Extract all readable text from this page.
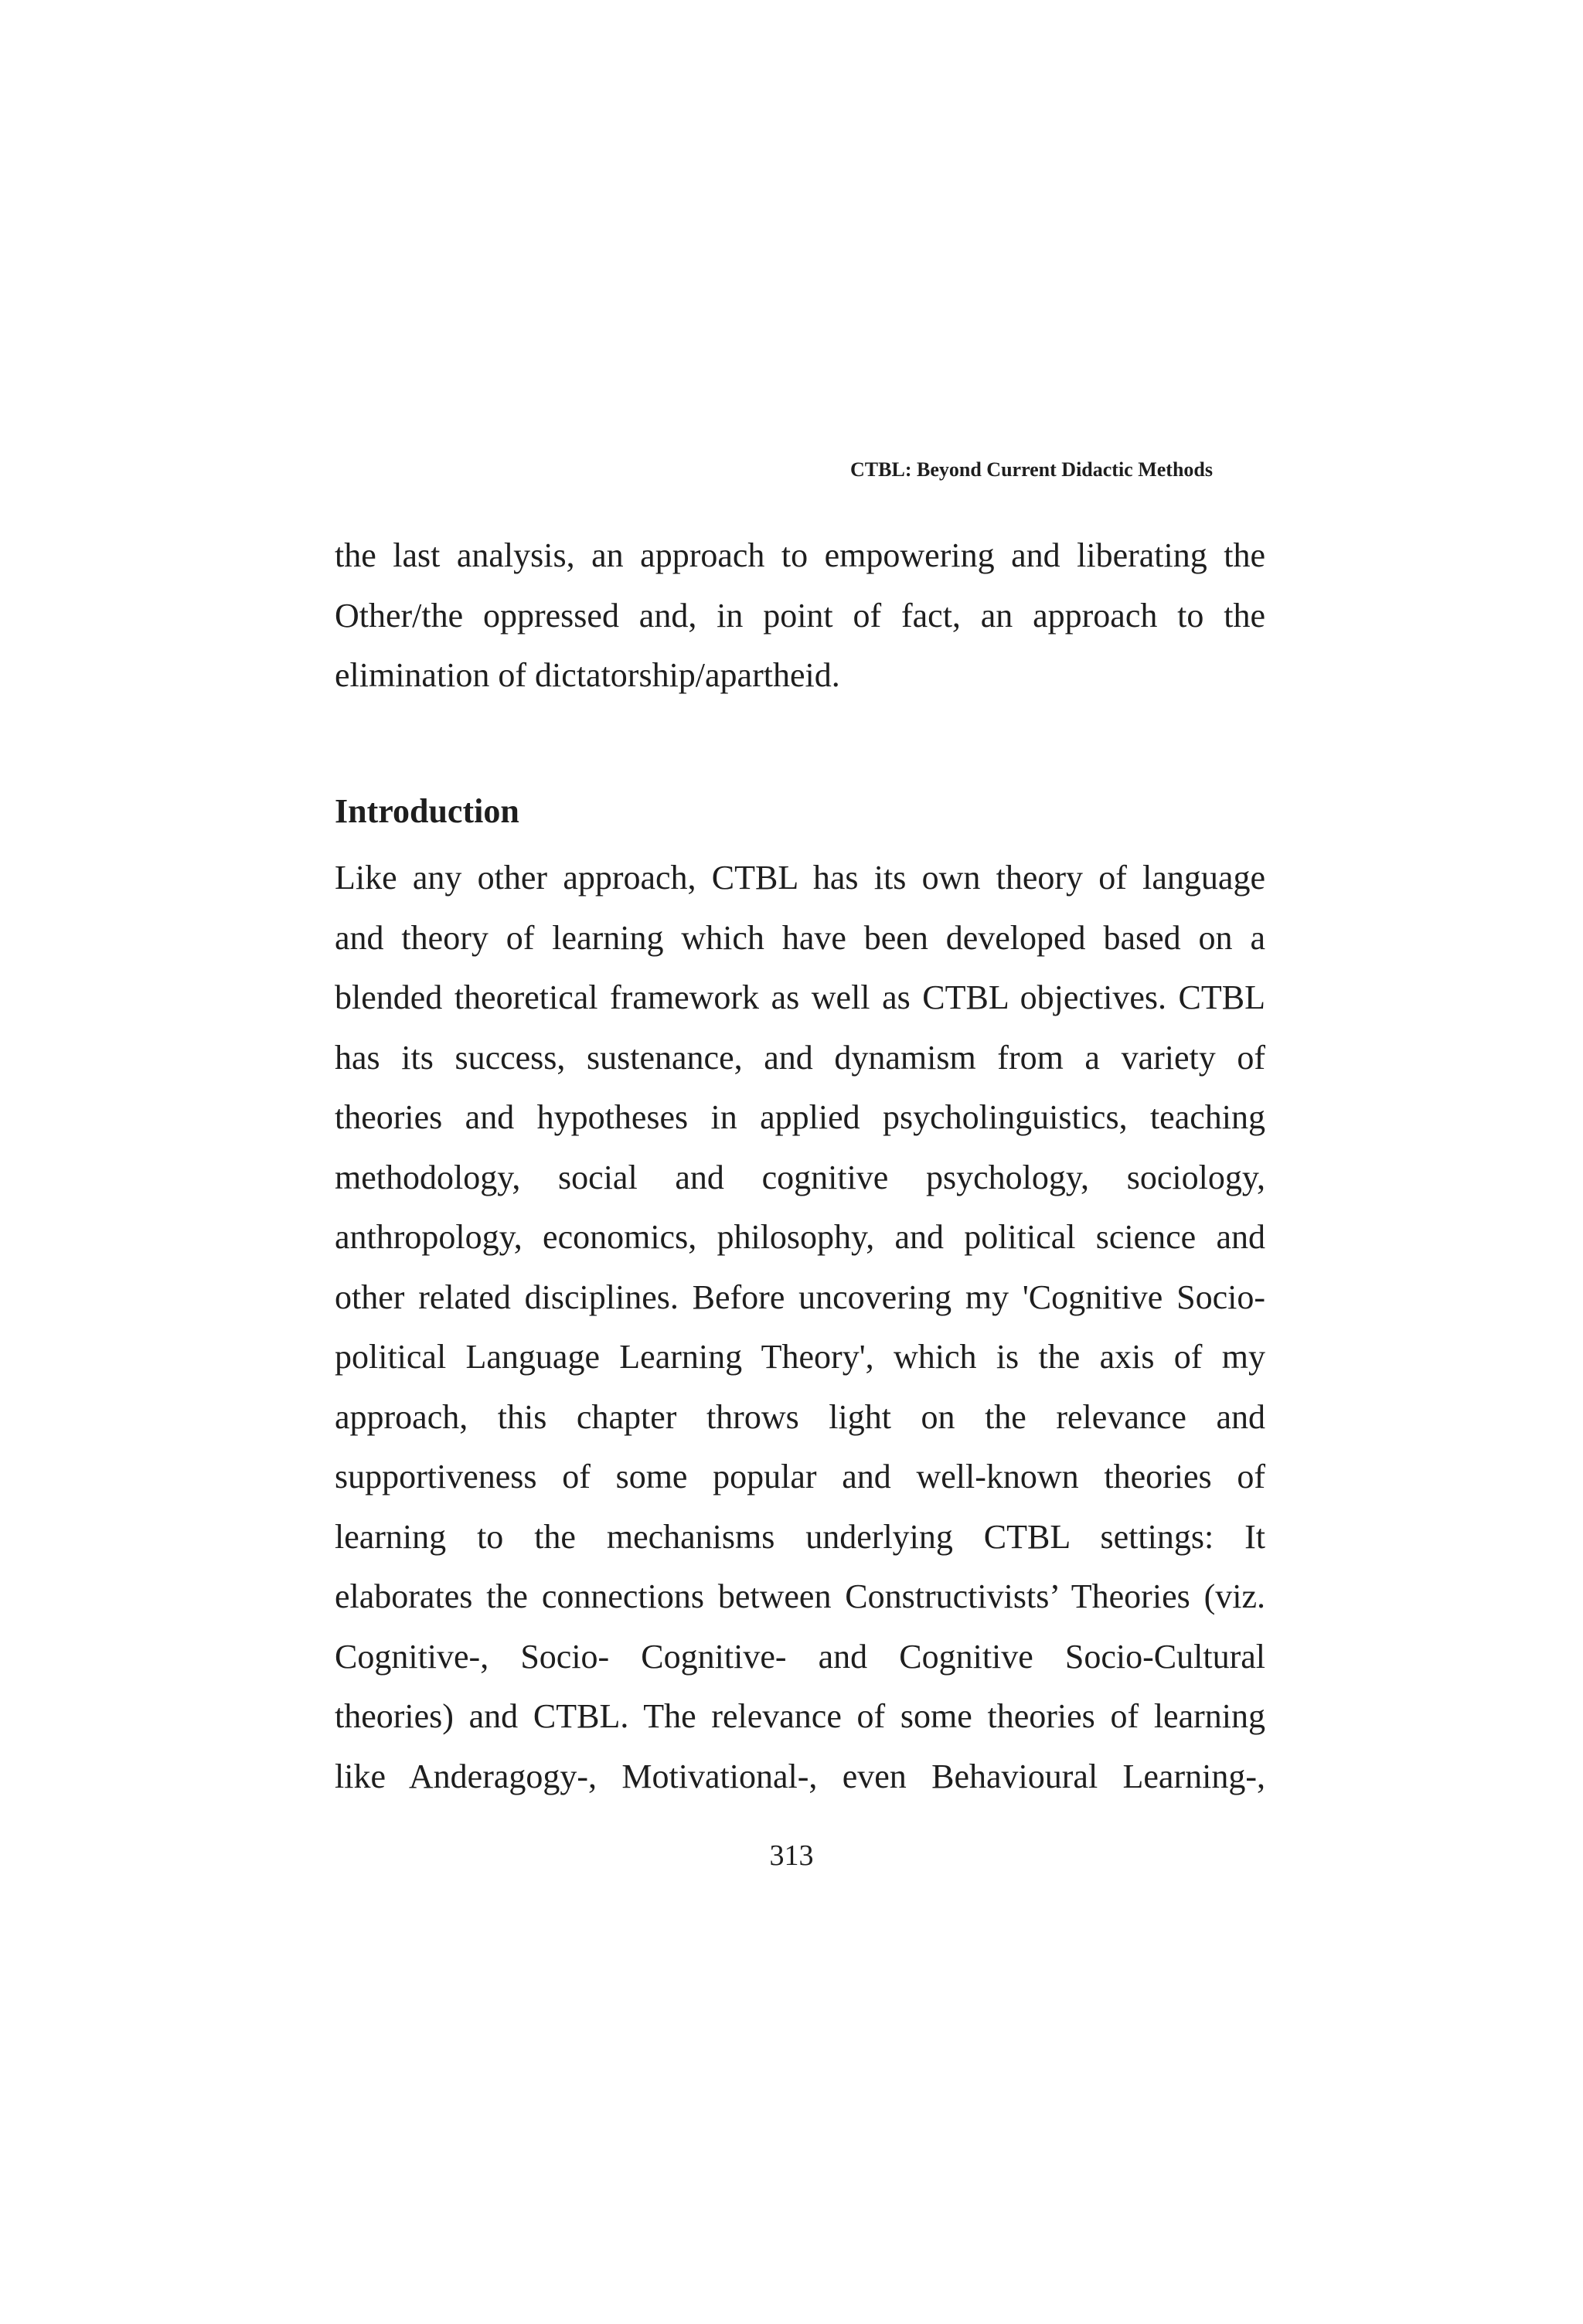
CTBL: Beyond Current Didactic Methods
the last analysis, an approach to empowering and liberating the
Other/the oppressed and, in point of fact, an approach to the
elimination of dictatorship/apartheid.
Introduction
Like any other approach, CTBL has its own theory of language
and theory of learning which have been developed based on a
blended theoretical framework as well as CTBL objectives. CTBL
has its success, sustenance, and dynamism from a variety of
theories and hypotheses in applied psycholinguistics, teaching
methodology, social and cognitive psychology, sociology,
anthropology, economics, philosophy, and political science and
other related disciplines. Before uncovering my 'Cognitive Socio-
political Language Learning Theory', which is the axis of my
approach, this chapter throws light on the relevance and
supportiveness of some popular and well-known theories of
learning to the mechanisms underlying CTBL settings: It
elaborates the connections between Constructivists’ Theories (viz.
Cognitive-, Socio- Cognitive- and Cognitive Socio-Cultural
theories) and CTBL. The relevance of some theories of learning
like Anderagogy-, Motivational-, even Behavioural Learning-,
313
